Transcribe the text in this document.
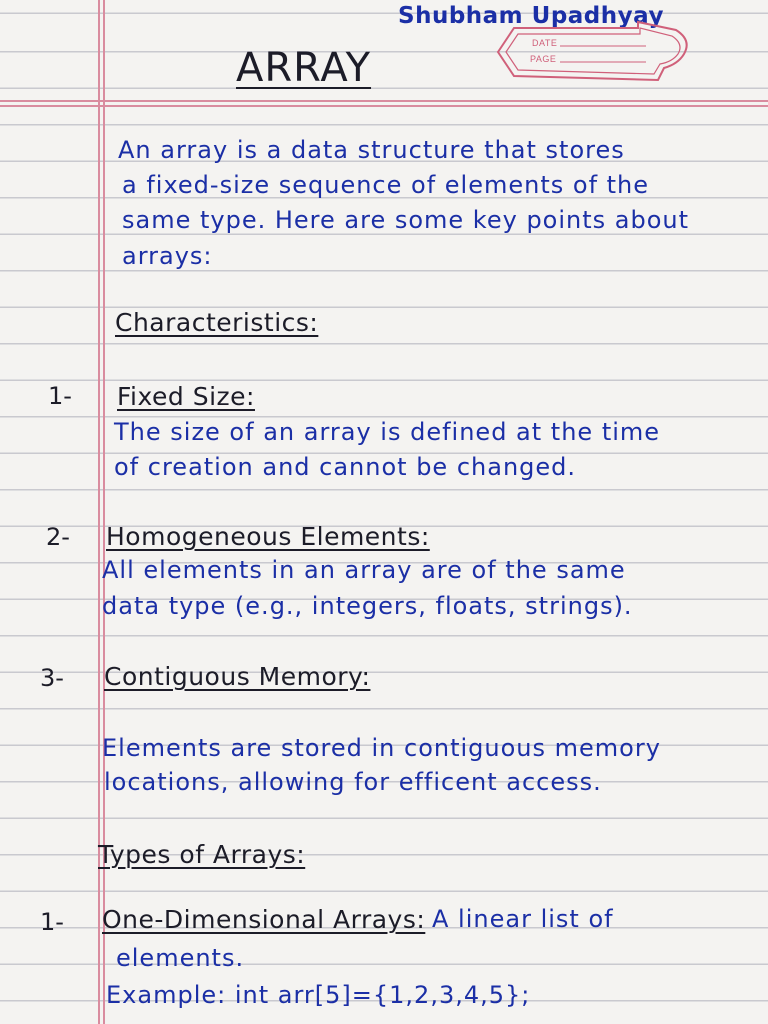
Shubham Upadhyay
ARRAY
DATE
PAGE
An array is a data structure that stores
a fixed-size sequence of elements of the
same type. Here are some key points about
arrays:
Characteristics:
1- Fixed Size:
The size of an array is defined at the time
of creation and cannot be changed.
2- Homogeneous Elements:
All elements in an array are of the same
data type (e.g., integers, floats, strings).
3- Contiguous Memory:
Elements are stored in contiguous memory
locations, allowing for efficent access.
Types of Arrays:
1- One-Dimensional Arrays: A linear list of
elements.
Example: int arr[5]={1,2,3,4,5};
